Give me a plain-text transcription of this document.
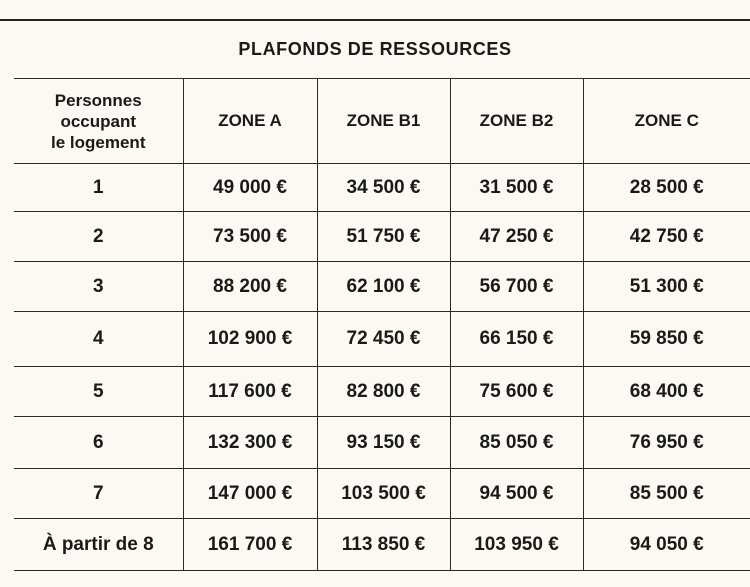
PLAFONDS DE RESSOURCES
Personnes
occupant
le logement	ZONE A	ZONE B1	ZONE B2	ZONE C
1	49 000 €	34 500 €	31 500 €	28 500 €
2	73 500 €	51 750 €	47 250 €	42 750 €
3	88 200 €	62 100 €	56 700 €	51 300 €
4	102 900 €	72 450 €	66 150 €	59 850 €
5	117 600 €	82 800 €	75 600 €	68 400 €
6	132 300 €	93 150 €	85 050 €	76 950 €
7	147 000 €	103 500 €	94 500 €	85 500 €
À partir de 8	161 700 €	113 850 €	103 950 €	94 050 €
